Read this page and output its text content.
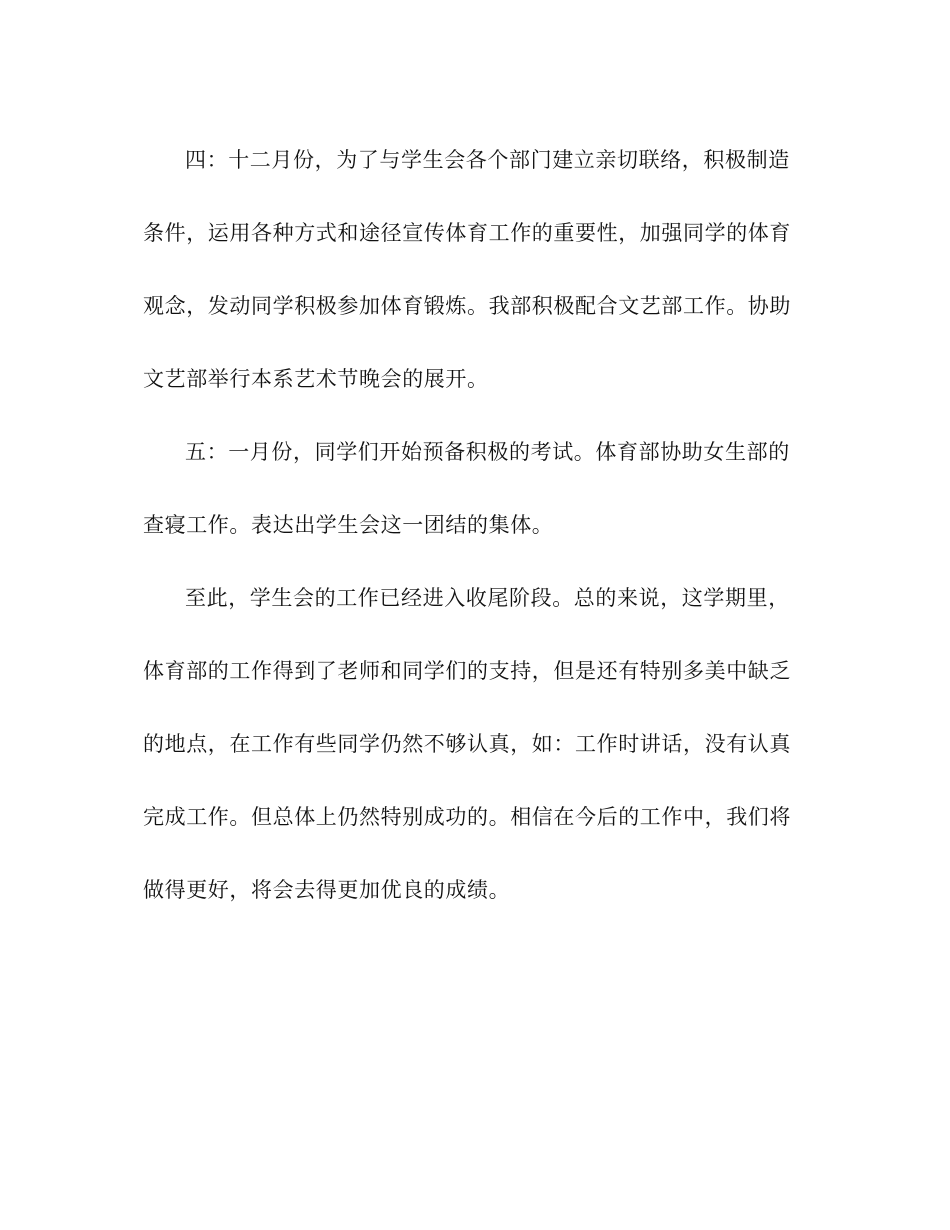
四：十二月份，为了与学生会各个部门建立亲切联络，积极制造
条件，运用各种方式和途径宣传体育工作的重要性，加强同学的体育
观念，发动同学积极参加体育锻炼。我部积极配合文艺部工作。协助
文艺部举行本系艺术节晚会的展开。
五：一月份，同学们开始预备积极的考试。体育部协助女生部的
查寝工作。表达出学生会这一团结的集体。
至此，学生会的工作已经进入收尾阶段。总的来说，这学期里，
体育部的工作得到了老师和同学们的支持，但是还有特别多美中缺乏
的地点，在工作有些同学仍然不够认真，如：工作时讲话，没有认真
完成工作。但总体上仍然特别成功的。相信在今后的工作中，我们将
做得更好，将会去得更加优良的成绩。
